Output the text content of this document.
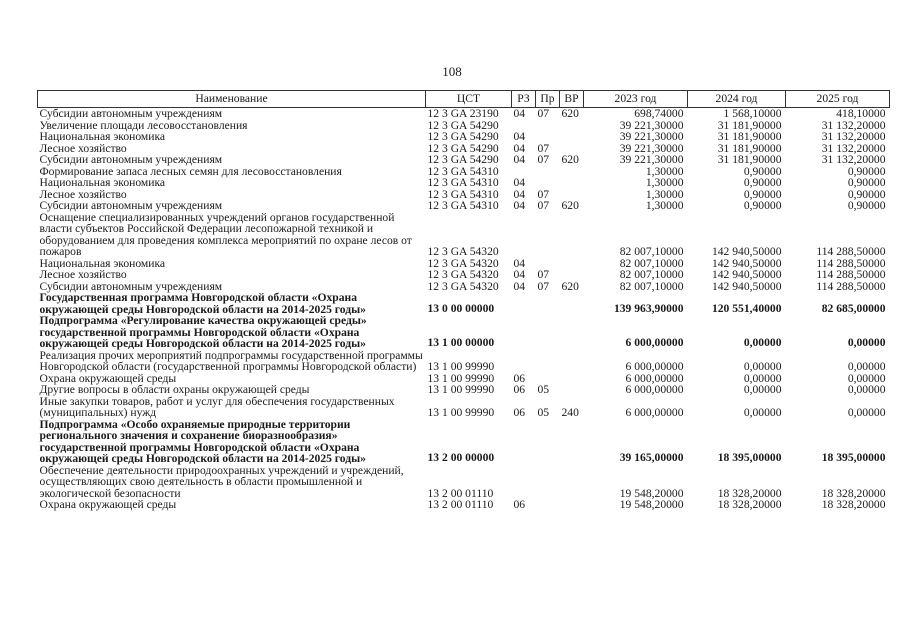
108
Наименование	ЦСТ	РЗ	Пр	ВР	2023 год	2024 год	2025 год
Субсидии автономным учреждениям	12 3 GA 23190	04	07	620	698,74000	1 568,10000	418,10000
Увеличение площади лесовосстановления	12 3 GA 54290				39 221,30000	31 181,90000	31 132,20000
Национальная экономика	12 3 GA 54290	04			39 221,30000	31 181,90000	31 132,20000
Лесное хозяйство	12 3 GA 54290	04	07		39 221,30000	31 181,90000	31 132,20000
Субсидии автономным учреждениям	12 3 GA 54290	04	07	620	39 221,30000	31 181,90000	31 132,20000
Формирование запаса лесных семян для лесовосстановления	12 3 GA 54310				1,30000	0,90000	0,90000
Национальная экономика	12 3 GA 54310	04			1,30000	0,90000	0,90000
Лесное хозяйство	12 3 GA 54310	04	07		1,30000	0,90000	0,90000
Субсидии автономным учреждениям	12 3 GA 54310	04	07	620	1,30000	0,90000	0,90000
Оснащение специализированных учреждений органов государственной власти субъектов Российской Федерации лесопожарной техникой и оборудованием для проведения комплекса мероприятий по охране лесов от пожаров	12 3 GA 54320				82 007,10000	142 940,50000	114 288,50000
Национальная экономика	12 3 GA 54320	04			82 007,10000	142 940,50000	114 288,50000
Лесное хозяйство	12 3 GA 54320	04	07		82 007,10000	142 940,50000	114 288,50000
Субсидии автономным учреждениям	12 3 GA 54320	04	07	620	82 007,10000	142 940,50000	114 288,50000
Государственная программа Новгородской области «Охрана окружающей среды Новгородской области на 2014-2025 годы»	13 0 00 00000				139 963,90000	120 551,40000	82 685,00000
Подпрограмма «Регулирование качества окружающей среды» государственной программы Новгородской области «Охрана окружающей среды Новгородской области на 2014-2025 годы»	13 1 00 00000				6 000,00000	0,00000	0,00000
Реализация прочих мероприятий подпрограммы государственной программы Новгородской области (государственной программы Новгородской области)	13 1 00 99990				6 000,00000	0,00000	0,00000
Охрана окружающей среды	13 1 00 99990	06			6 000,00000	0,00000	0,00000
Другие вопросы в области охраны окружающей среды	13 1 00 99990	06	05		6 000,00000	0,00000	0,00000
Иные закупки товаров, работ и услуг для обеспечения государственных (муниципальных) нужд	13 1 00 99990	06	05	240	6 000,00000	0,00000	0,00000
Подпрограмма «Особо охраняемые природные территории регионального значения и сохранение биоразнообразия» государственной программы Новгородской области «Охрана окружающей среды Новгородской области на 2014-2025 годы»	13 2 00 00000				39 165,00000	18 395,00000	18 395,00000
Обеспечение деятельности природоохранных учреждений и учреждений, осуществляющих свою деятельность в области промышленной и экологической безопасности	13 2 00 01110				19 548,20000	18 328,20000	18 328,20000
Охрана окружающей среды	13 2 00 01110	06			19 548,20000	18 328,20000	18 328,20000
